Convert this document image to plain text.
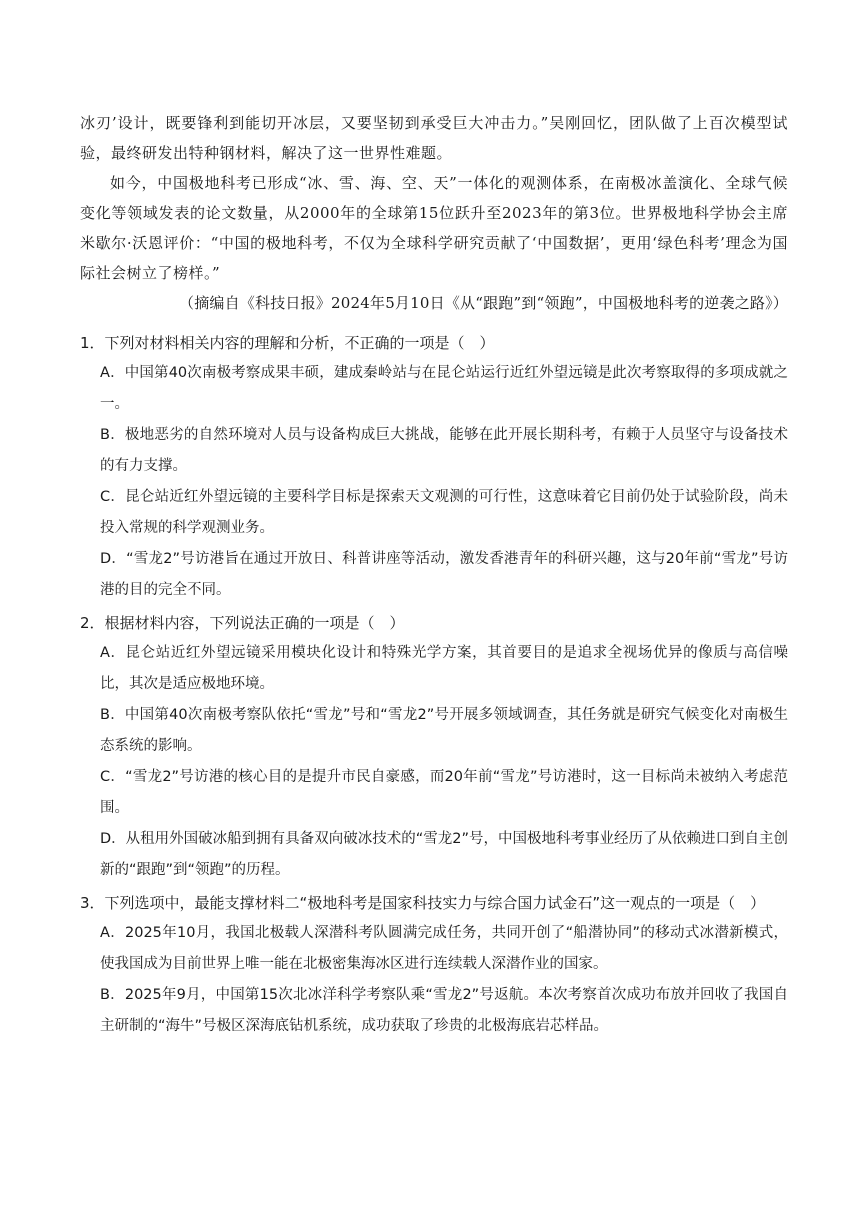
冰刃’设计，既要锋利到能切开冰层，又要坚韧到承受巨大冲击力。”吴刚回忆，团队做了上百次模型试验，最终研发出特种钢材料，解决了这一世界性难题。

如今，中国极地科考已形成“冰、雪、海、空、天”一体化的观测体系，在南极冰盖演化、全球气候变化等领域发表的论文数量，从2000年的全球第15位跃升至2023年的第3位。世界极地科学协会主席米歇尔·沃恩评价：“中国的极地科考，不仅为全球科学研究贡献了‘中国数据’，更用‘绿色科考’理念为国际社会树立了榜样。”

（摘编自《科技日报》2024年5月10日《从“跟跑”到“领跑”，中国极地科考的逆袭之路》）

1．下列对材料相关内容的理解和分析，不正确的一项是（　）

A．中国第40次南极考察成果丰硕，建成秦岭站与在昆仑站运行近红外望远镜是此次考察取得的多项成就之一。

B．极地恶劣的自然环境对人员与设备构成巨大挑战，能够在此开展长期科考，有赖于人员坚守与设备技术的有力支撑。

C．昆仑站近红外望远镜的主要科学目标是探索天文观测的可行性，这意味着它目前仍处于试验阶段，尚未投入常规的科学观测业务。

D．“雪龙2”号访港旨在通过开放日、科普讲座等活动，激发香港青年的科研兴趣，这与20年前“雪龙”号访港的目的完全不同。

2．根据材料内容，下列说法正确的一项是（　）

A．昆仑站近红外望远镜采用模块化设计和特殊光学方案，其首要目的是追求全视场优异的像质与高信噪比，其次是适应极地环境。

B．中国第40次南极考察队依托“雪龙”号和“雪龙2”号开展多领域调查，其任务就是研究气候变化对南极生态系统的影响。

C．“雪龙2”号访港的核心目的是提升市民自豪感，而20年前“雪龙”号访港时，这一目标尚未被纳入考虑范围。

D．从租用外国破冰船到拥有具备双向破冰技术的“雪龙2”号，中国极地科考事业经历了从依赖进口到自主创新的“跟跑”到“领跑”的历程。

3．下列选项中，最能支撑材料二“极地科考是国家科技实力与综合国力试金石”这一观点的一项是（　）

A．2025年10月，我国北极载人深潜科考队圆满完成任务，共同开创了“船潜协同”的移动式冰潜新模式，使我国成为目前世界上唯一能在北极密集海冰区进行连续载人深潜作业的国家。

B．2025年9月，中国第15次北冰洋科学考察队乘“雪龙2”号返航。本次考察首次成功布放并回收了我国自主研制的“海牛”号极区深海底钻机系统，成功获取了珍贵的北极海底岩芯样品。
